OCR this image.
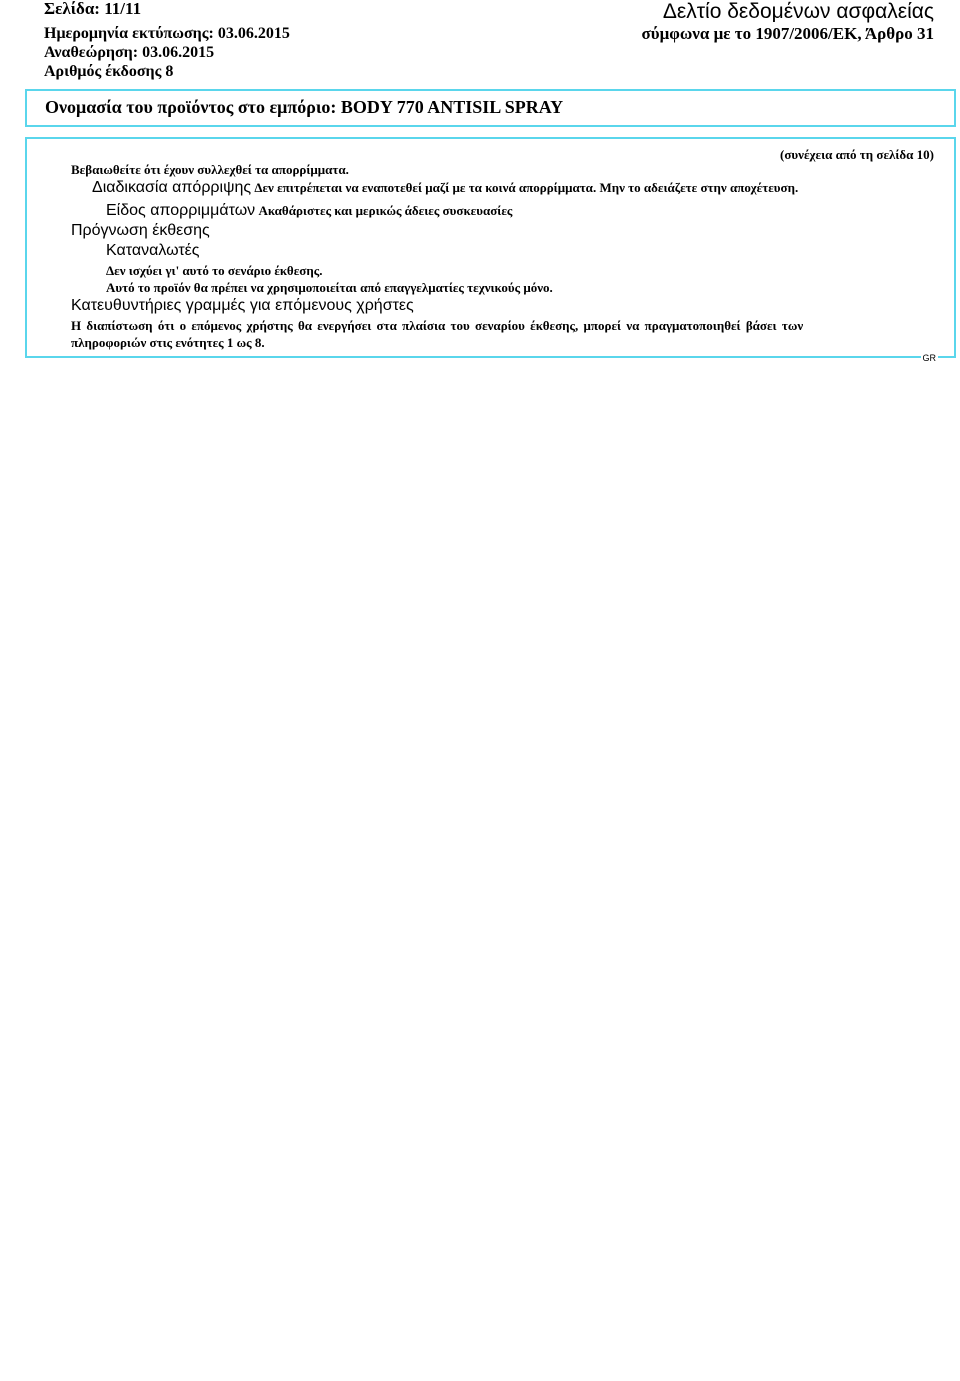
Σελίδα: 11/11
Ημερομηνία εκτύπωσης: 03.06.2015
Αναθεώρηση: 03.06.2015
Αριθμός έκδοσης 8
Δελτίο δεδομένων ασφαλείας
σύμφωνα με το 1907/2006/ΕΚ, Άρθρο 31
Ονομασία του προϊόντος στο εμπόριο: BODY 770 ANTISIL SPRAY
(συνέχεια από τη σελίδα 10)
Βεβαιωθείτε ότι έχουν συλλεχθεί τα απορρίμματα.
Διαδικασία απόρριψης Δεν επιτρέπεται να εναποτεθεί μαζί με τα κοινά απορρίμματα. Μην το αδειάζετε στην αποχέτευση.
Είδος απορριμμάτων Ακαθάριστες και μερικώς άδειες συσκευασίες
Πρόγνωση έκθεσης
Καταναλωτές
Δεν ισχύει γι' αυτό το σενάριο έκθεσης.
Αυτό το προϊόν θα πρέπει να χρησιμοποιείται από επαγγελματίες τεχνικούς μόνο.
Κατευθυντήριες γραμμές για επόμενους χρήστες
Η διαπίστωση ότι ο επόμενος χρήστης θα ενεργήσει στα πλαίσια του σεναρίου έκθεσης, μπορεί να πραγματοποιηθεί βάσει των
πληροφοριών στις ενότητες 1 ως 8.
GR
